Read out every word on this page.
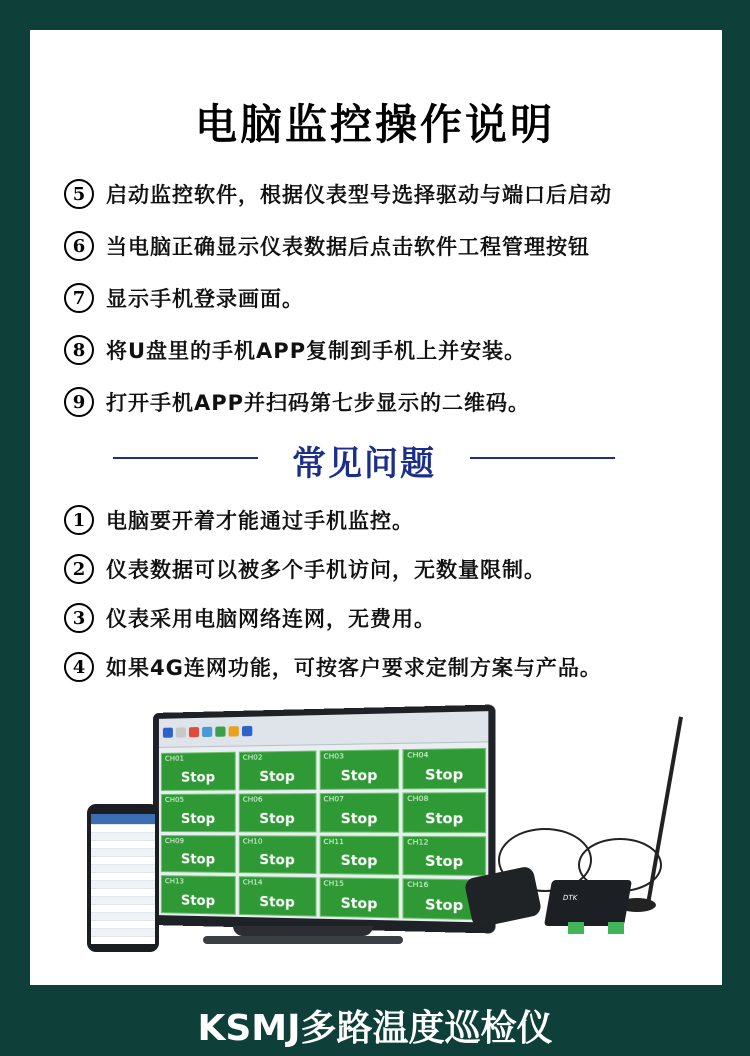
电脑监控操作说明
5 启动监控软件，根据仪表型号选择驱动与端口后启动
6 当电脑正确显示仪表数据后点击软件工程管理按钮
7 显示手机登录画面。
8 将U盘里的手机APP复制到手机上并安装。
9 打开手机APP并扫码第七步显示的二维码。
常见问题
1 电脑要开着才能通过手机监控。
2 仪表数据可以被多个手机访问，无数量限制。
3 仪表采用电脑网络连网，无费用。
4 如果4G连网功能，可按客户要求定制方案与产品。
CH01
Stop
CH02
Stop
CH03
Stop
CH04
Stop
CH05
Stop
CH06
Stop
CH07
Stop
CH08
Stop
CH09
Stop
CH10
Stop
CH11
Stop
CH12
Stop
CH13
Stop
CH14
Stop
CH15
Stop
CH16
Stop	DTK
KSMJ多路温度巡检仪
